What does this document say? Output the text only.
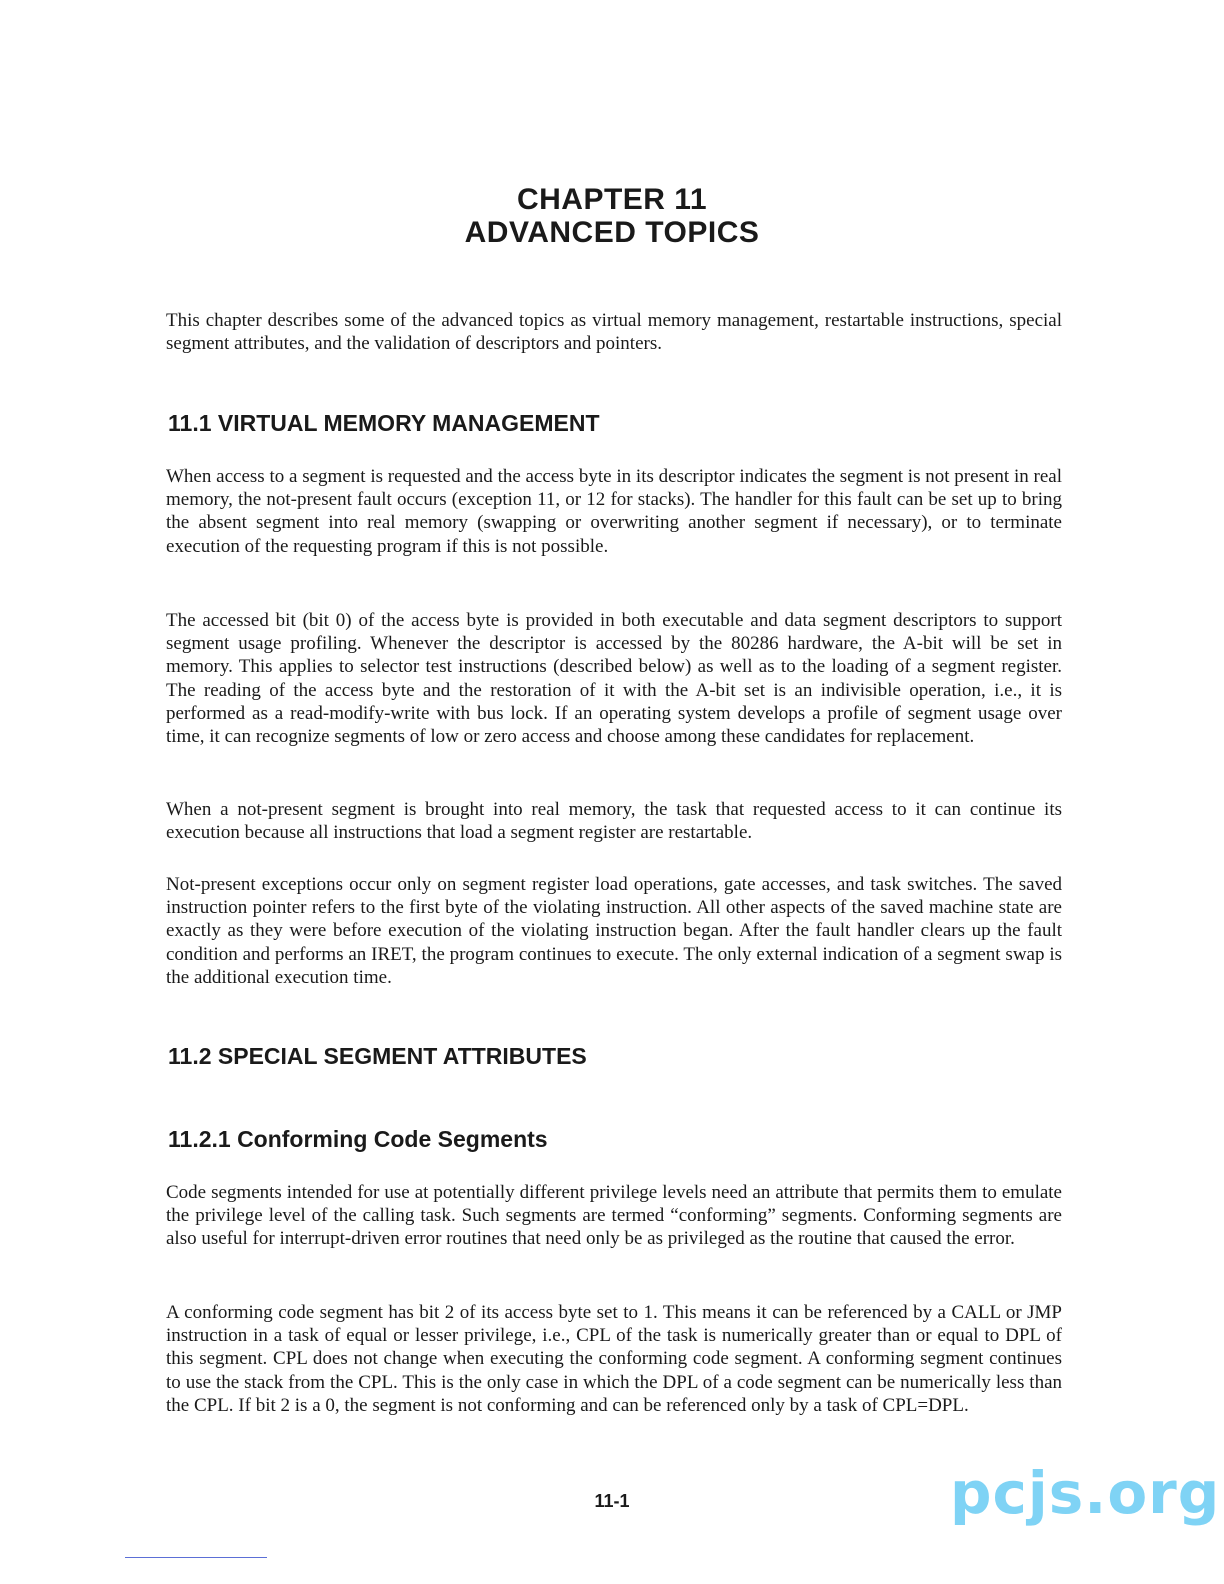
CHAPTER 11
ADVANCED TOPICS

This chapter describes some of the advanced topics as virtual memory management, restartable instructions, special segment attributes, and the validation of descriptors and pointers.

11.1 VIRTUAL MEMORY MANAGEMENT

When access to a segment is requested and the access byte in its descriptor indicates the segment is not present in real memory, the not-present fault occurs (exception 11, or 12 for stacks). The handler for this fault can be set up to bring the absent segment into real memory (swapping or overwriting another segment if necessary), or to terminate execution of the requesting program if this is not possible.

The accessed bit (bit 0) of the access byte is provided in both executable and data segment descriptors to support segment usage profiling. Whenever the descriptor is accessed by the 80286 hardware, the A-bit will be set in memory. This applies to selector test instructions (described below) as well as to the loading of a segment register. The reading of the access byte and the restoration of it with the A-bit set is an indivisible operation, i.e., it is performed as a read-modify-write with bus lock. If an operating system develops a profile of segment usage over time, it can recognize segments of low or zero access and choose among these candidates for replacement.

When a not-present segment is brought into real memory, the task that requested access to it can continue its execution because all instructions that load a segment register are restartable.

Not-present exceptions occur only on segment register load operations, gate accesses, and task switches. The saved instruction pointer refers to the first byte of the violating instruction. All other aspects of the saved machine state are exactly as they were before execution of the violating instruction began. After the fault handler clears up the fault condition and performs an IRET, the program continues to execute. The only external indication of a segment swap is the additional execution time.

11.2 SPECIAL SEGMENT ATTRIBUTES
11.2.1 Conforming Code Segments

Code segments intended for use at potentially different privilege levels need an attribute that permits them to emulate the privilege level of the calling task. Such segments are termed “conforming” segments. Conforming segments are also useful for interrupt-driven error routines that need only be as privileged as the routine that caused the error.

A conforming code segment has bit 2 of its access byte set to 1. This means it can be referenced by a CALL or JMP instruction in a task of equal or lesser privilege, i.e., CPL of the task is numerically greater than or equal to DPL of this segment. CPL does not change when executing the conforming code segment. A conforming segment continues to use the stack from the CPL. This is the only case in which the DPL of a code segment can be numerically less than the CPL. If bit 2 is a 0, the segment is not conforming and can be referenced only by a task of CPL=DPL.

11-1	pcjs.org
